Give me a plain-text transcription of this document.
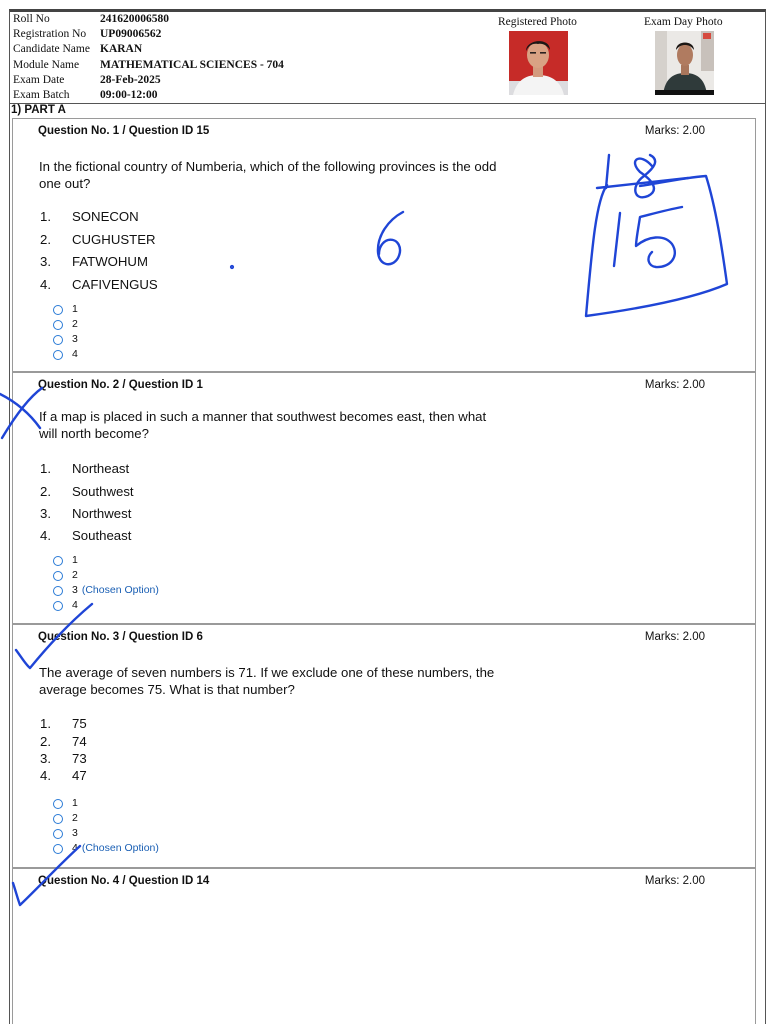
Roll No	241620006580
Registration No	UP09006562
Candidate Name KARAN
Module Name	MATHEMATICAL SCIENCES - 704
Exam Date	28-Feb-2025
Exam Batch	09:00-12:00
Registered Photo	Exam Day Photo
1) PART A
Question No. 1 / Question ID 15	Marks: 2.00
In the fictional country of Numberia, which of the following provinces is the odd
one out?
1. SONECON
2. CUGHUSTER
3. FATWOHUM
4. CAFIVENGUS
1
2
3
4
Question No. 2 / Question ID 1	Marks: 2.00
If a map is placed in such a manner that southwest becomes east, then what
will north become?
1. Northeast
2. Southwest
3. Northwest
4. Southeast
1
2
3 (Chosen Option)
4
Question No. 3 / Question ID 6	Marks: 2.00
The average of seven numbers is 71. If we exclude one of these numbers, the
average becomes 75. What is that number?
1. 75
2. 74
3. 73
4. 47
1
2
3
4 (Chosen Option)
Question No. 4 / Question ID 14	Marks: 2.00
